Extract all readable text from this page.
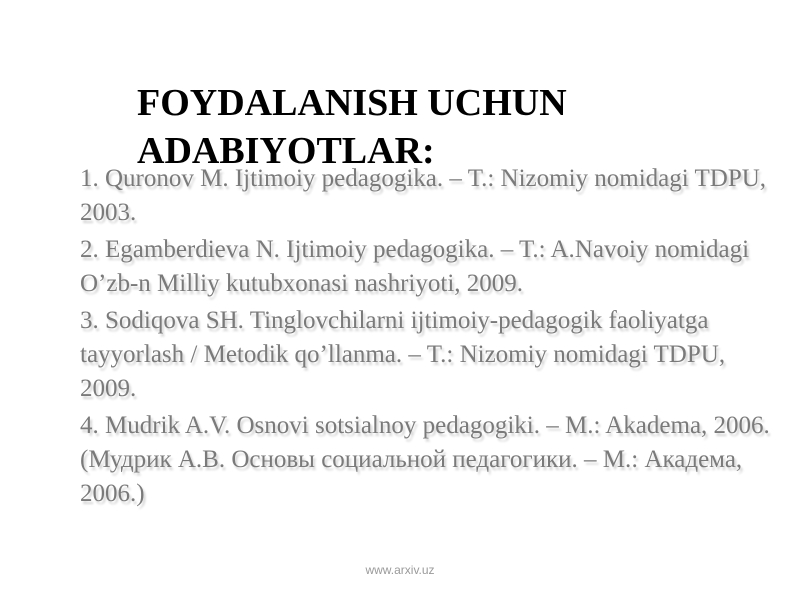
FOYDALANISH UCHUN ADABIYOTLAR:
1. Quronov M. Ijtimoiy pedagogika. – T.: Nizomiy nomidagi TDPU, 2003.
2. Egamberdieva N. Ijtimoiy pedagogika. – T.: A.Navoiy nomidagi O’zb-n Milliy kutubxonasi nashriyoti, 2009.
3. Sodiqova SH. Tinglovchilarni ijtimoiy-pedagogik faoliyatga tayyorlash / Metodik qo’llanma. – T.: Nizomiy nomidagi TDPU, 2009.
4. Mudrik A.V. Osnovi sotsialnoy pedagogiki. – M.: Akadema, 2006. (Мудрик А.В. Основы социальной педагогики. – М.: Академа, 2006.)
www.arxiv.uz
